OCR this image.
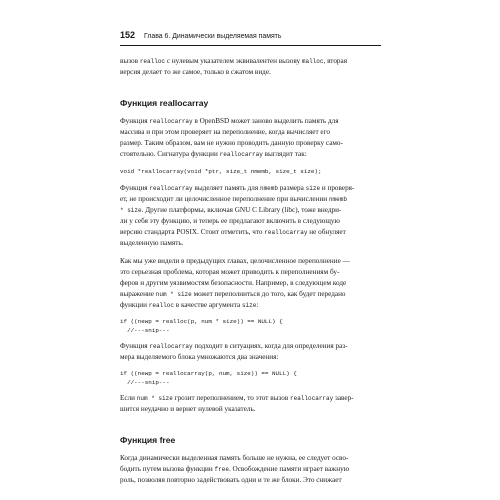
152 Глава 6. Динамически выделяемая память

вызов realloc с нулевым указателем эквивалентен вызову malloc, вторая
версия делает то же самое, только в сжатом виде.

Функция reallocarray

Функция reallocarray в OpenBSD может заново выделить память для
массива и при этом проверяет на переполнение, когда вычисляет его
размер. Таким образом, вам не нужно проводить данную проверку само-
стоятельно. Сигнатура функции reallocarray выглядит так:

void *reallocarray(void *ptr, size_t nmemb, size_t size);

Функция reallocarray выделяет память для nmemb размера size и проверя-
ет, не происходит ли целочисленное переполнение при вычислении nmemb
* size. Другие платформы, включая GNU C Library (libc), тоже внедри-
ли у себя эту функцию, и теперь ее предлагают включить в следующую
версию стандарта POSIX. Стоит отметить, что reallocarray не обнуляет
выделенную память.

Как мы уже видели в предыдущих главах, целочисленное переполнение —
это серьезная проблема, которая может приводить к переполнениям бу-
феров и другим уязвимостям безопасности. Например, в следующем коде
выражение num * size может переполниться до того, как будет передано
функции realloc в качестве аргумента size:

if ((newp = realloc(p, num * size)) == NULL) {
//---snip---

Функция reallocarray подходит в ситуациях, когда для определения раз-
мера выделяемого блока умножаются два значения:

if ((newp = reallocarray(p, num, size)) == NULL) {
//---snip---

Если num * size грозит переполнением, то этот вызов reallocarray завер-
шится неудачно и вернет нулевой указатель.

Функция free

Когда динамически выделенная память больше не нужна, ее следует осво-
бодить путем вызова функции free. Освобождение памяти играет важную
роль, позволяя повторно задействовать одни и те же блоки. Это снижает
